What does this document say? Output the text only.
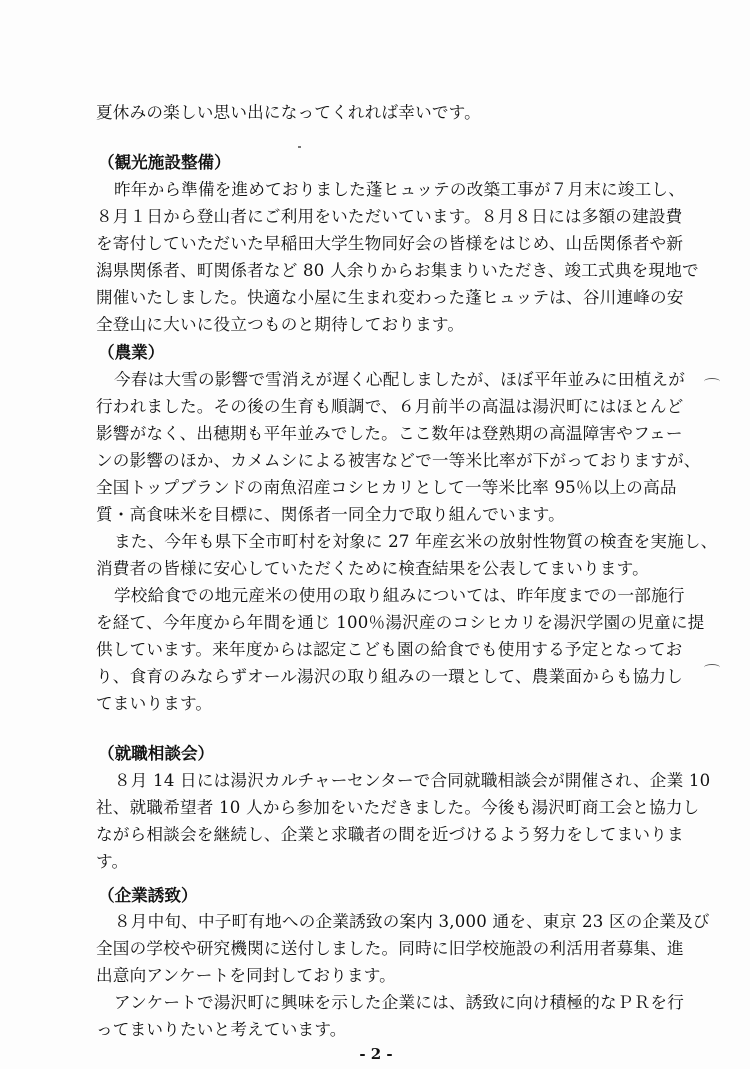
夏休みの楽しい思い出になってくれれば幸いです。
（観光施設整備）
昨年から準備を進めておりました蓬ヒュッテの改築工事が７月末に竣工し、
８月１日から登山者にご利用をいただいています。８月８日には多額の建設費
を寄付していただいた早稲田大学生物同好会の皆様をはじめ、山岳関係者や新
潟県関係者、町関係者など 80 人余りからお集まりいただき、竣工式典を現地で
開催いたしました。快適な小屋に生まれ変わった蓬ヒュッテは、谷川連峰の安
全登山に大いに役立つものと期待しております。
（農業）
今春は大雪の影響で雪消えが遅く心配しましたが、ほぼ平年並みに田植えが
行われました。その後の生育も順調で、６月前半の高温は湯沢町にはほとんど
影響がなく、出穂期も平年並みでした。ここ数年は登熟期の高温障害やフェー
ンの影響のほか、カメムシによる被害などで一等米比率が下がっておりますが、
全国トップブランドの南魚沼産コシヒカリとして一等米比率 95％以上の高品
質・高食味米を目標に、関係者一同全力で取り組んでいます。
また、今年も県下全市町村を対象に 27 年産玄米の放射性物質の検査を実施し、
消費者の皆様に安心していただくために検査結果を公表してまいります。
学校給食での地元産米の使用の取り組みについては、昨年度までの一部施行
を経て、今年度から年間を通じ 100％湯沢産のコシヒカリを湯沢学園の児童に提
供しています。来年度からは認定こども園の給食でも使用する予定となってお
り、食育のみならずオール湯沢の取り組みの一環として、農業面からも協力し
てまいります。
（就職相談会）
８月 14 日には湯沢カルチャーセンターで合同就職相談会が開催され、企業 10
社、就職希望者 10 人から参加をいただきました。今後も湯沢町商工会と協力し
ながら相談会を継続し、企業と求職者の間を近づけるよう努力をしてまいりま
す。
（企業誘致）
８月中旬、中子町有地への企業誘致の案内 3,000 通を、東京 23 区の企業及び
全国の学校や研究機関に送付しました。同時に旧学校施設の利活用者募集、進
出意向アンケートを同封しております。
アンケートで湯沢町に興味を示した企業には、誘致に向け積極的なＰＲを行
ってまいりたいと考えています。
- 2 -
